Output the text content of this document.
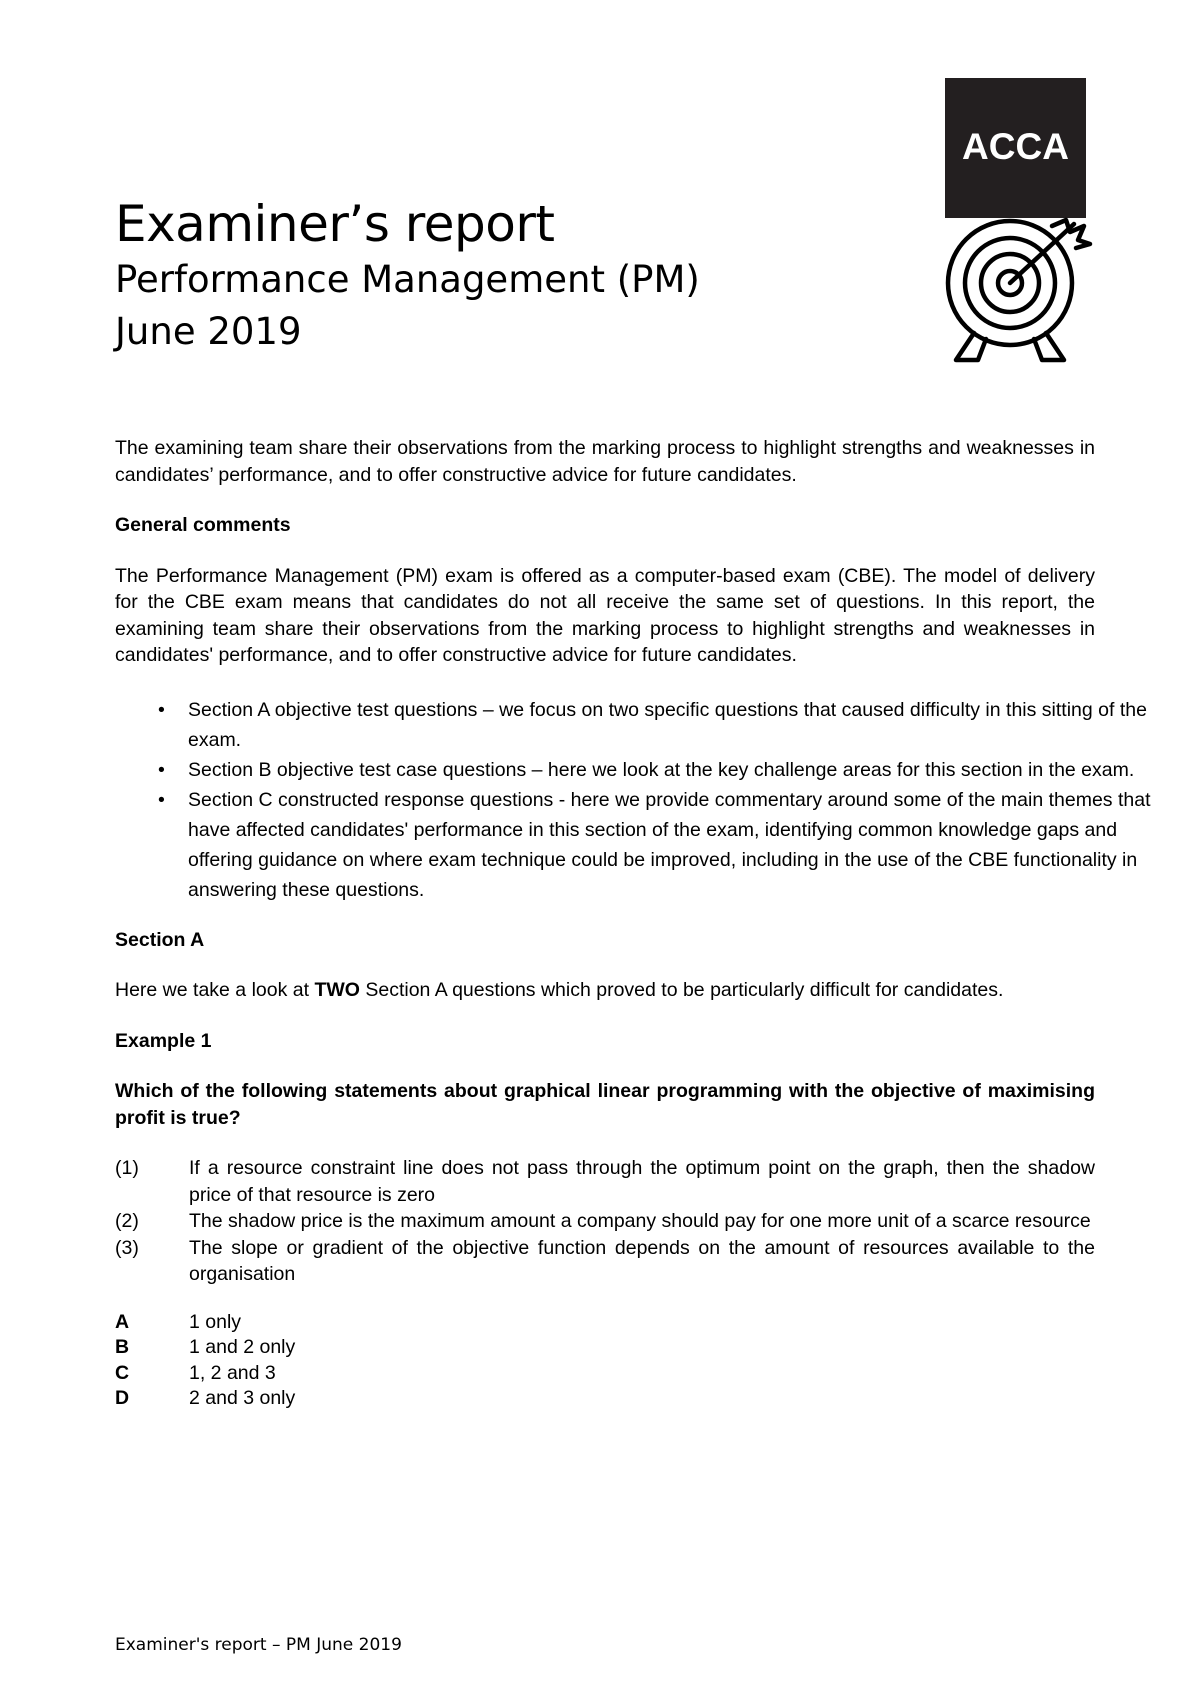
ACCA
Examiner’s report
Performance Management (PM)
June 2019

The examining team share their observations from the marking process to highlight strengths and weaknesses in candidates’ performance, and to offer constructive advice for future candidates.

General comments

The Performance Management (PM) exam is offered as a computer-based exam (CBE). The model of delivery for the CBE exam means that candidates do not all receive the same set of questions. In this report, the examining team share their observations from the marking process to highlight strengths and weaknesses in candidates' performance, and to offer constructive advice for future candidates.

• Section A objective test questions – we focus on two specific questions that caused difficulty in this sitting of the exam.
• Section B objective test case questions – here we look at the key challenge areas for this section in the exam.
• Section C constructed response questions - here we provide commentary around some of the main themes that have affected candidates' performance in this section of the exam, identifying common knowledge gaps and offering guidance on where exam technique could be improved, including in the use of the CBE functionality in answering these questions.

Section A

Here we take a look at TWO Section A questions which proved to be particularly difficult for candidates.

Example 1

Which of the following statements about graphical linear programming with the objective of maximising profit is true?

(1)	If a resource constraint line does not pass through the optimum point on the graph, then the shadow price of that resource is zero
(2)	The shadow price is the maximum amount a company should pay for one more unit of a scarce resource
(3)	The slope or gradient of the objective function depends on the amount of resources available to the organisation
A	1 only
B	1 and 2 only
C	1, 2 and 3
D	2 and 3 only
Examiner's report – PM June 2019
